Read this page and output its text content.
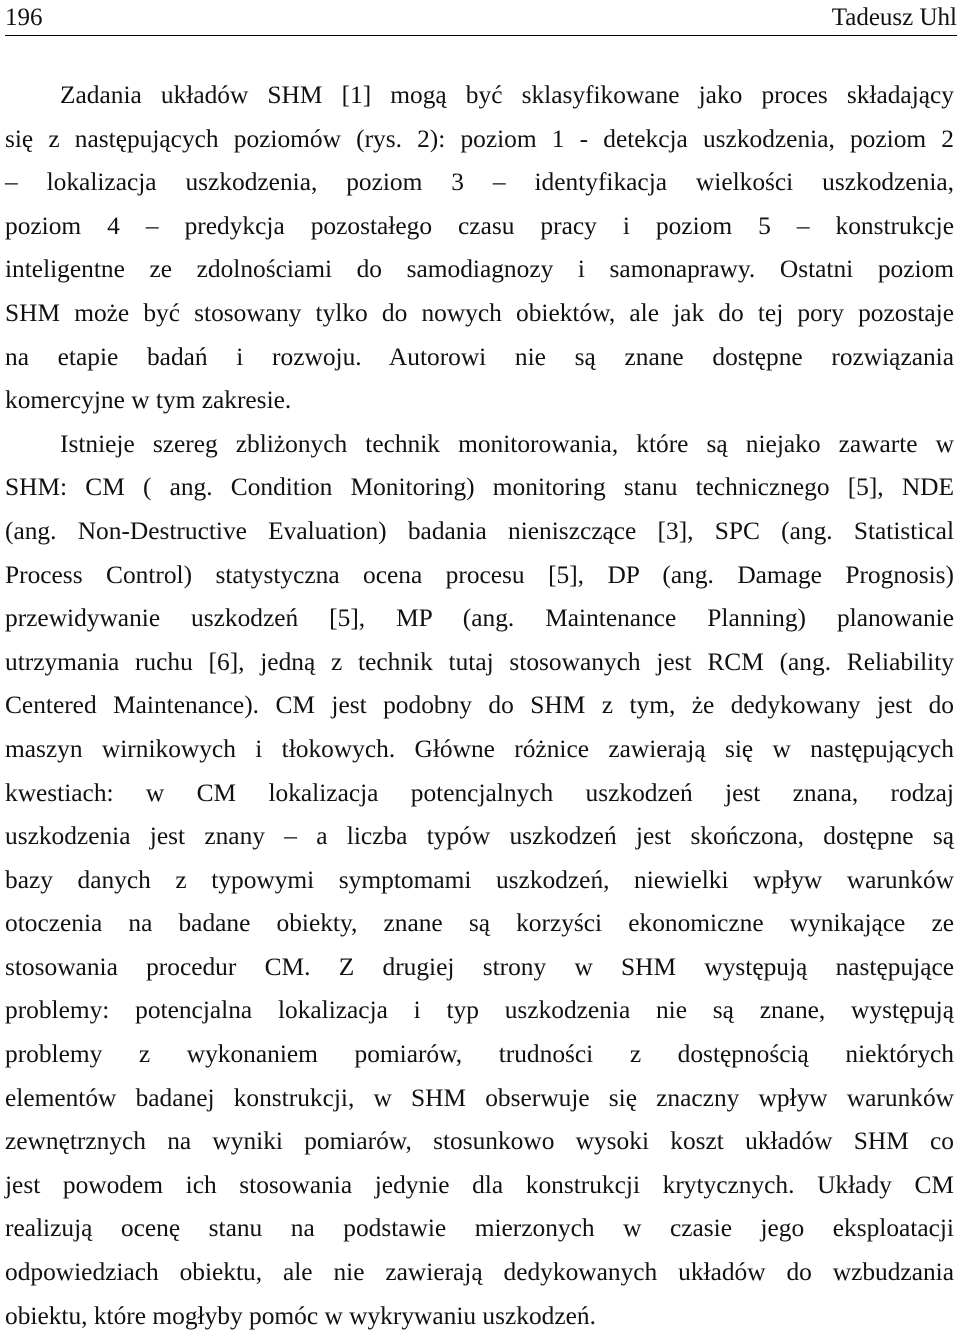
196	Tadeusz Uhl

Zadania układów SHM [1] mogą być sklasyfikowane jako proces składający
się z następujących poziomów (rys. 2): poziom 1 - detekcja uszkodzenia, poziom 2
– lokalizacja uszkodzenia, poziom 3 – identyfikacja wielkości uszkodzenia,
poziom 4 – predykcja pozostałego czasu pracy i poziom 5 – konstrukcje
inteligentne ze zdolnościami do samodiagnozy i samonaprawy. Ostatni poziom
SHM może być stosowany tylko do nowych obiektów, ale jak do tej pory pozostaje
na etapie badań i rozwoju. Autorowi nie są znane dostępne rozwiązania
komercyjne w tym zakresie.

Istnieje szereg zbliżonych technik monitorowania, które są niejako zawarte w
SHM: CM ( ang. Condition Monitoring) monitoring stanu technicznego [5], NDE
(ang. Non-Destructive Evaluation) badania nieniszczące [3], SPC (ang. Statistical
Process Control) statystyczna ocena procesu [5], DP (ang. Damage Prognosis)
przewidywanie uszkodzeń [5], MP (ang. Maintenance Planning) planowanie
utrzymania ruchu [6], jedną z technik tutaj stosowanych jest RCM (ang. Reliability
Centered Maintenance). CM jest podobny do SHM z tym, że dedykowany jest do
maszyn wirnikowych i tłokowych. Główne różnice zawierają się w następujących
kwestiach: w CM lokalizacja potencjalnych uszkodzeń jest znana, rodzaj
uszkodzenia jest znany – a liczba typów uszkodzeń jest skończona, dostępne są
bazy danych z typowymi symptomami uszkodzeń, niewielki wpływ warunków
otoczenia na badane obiekty, znane są korzyści ekonomiczne wynikające ze
stosowania procedur CM. Z drugiej strony w SHM występują następujące
problemy: potencjalna lokalizacja i typ uszkodzenia nie są znane, występują
problemy z wykonaniem pomiarów, trudności z dostępnością niektórych
elementów badanej konstrukcji, w SHM obserwuje się znaczny wpływ warunków
zewnętrznych na wyniki pomiarów, stosunkowo wysoki koszt układów SHM co
jest powodem ich stosowania jedynie dla konstrukcji krytycznych. Układy CM
realizują ocenę stanu na podstawie mierzonych w czasie jego eksploatacji
odpowiedziach obiektu, ale nie zawierają dedykowanych układów do wzbudzania
obiektu, które mogłyby pomóc w wykrywaniu uszkodzeń.
